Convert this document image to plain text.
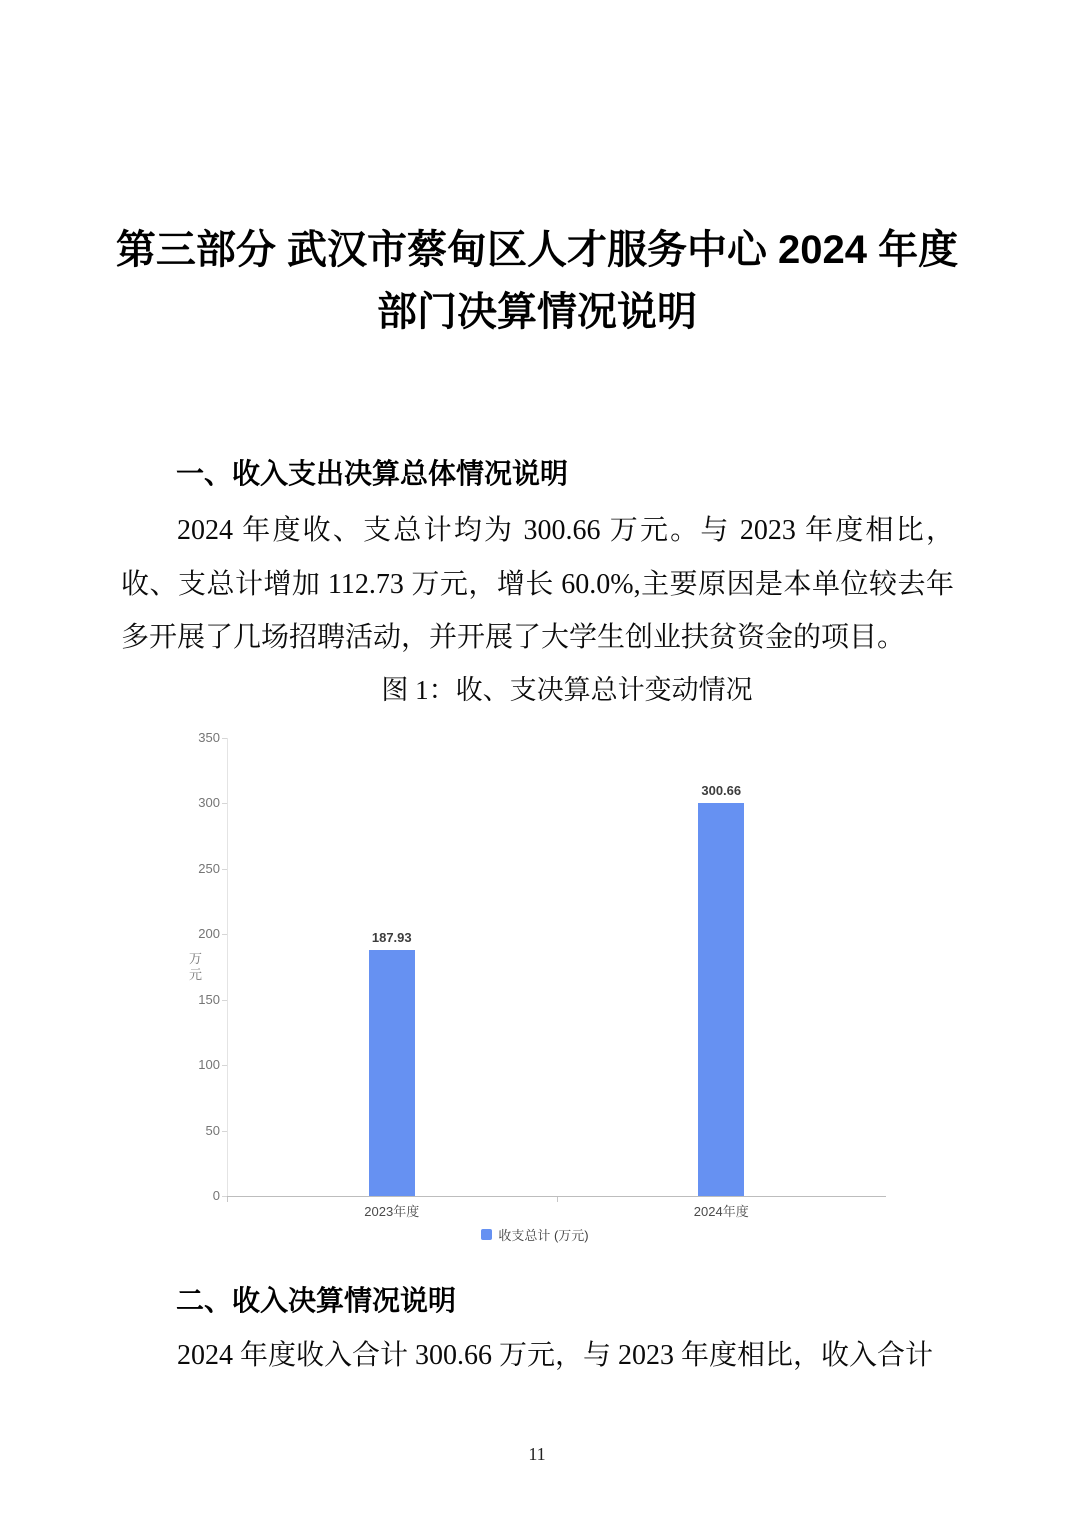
第三部分 武汉市蔡甸区人才服务中心 2024 年度
部门决算情况说明
一、收入支出决算总体情况说明
2024 年度收、支总计均为 300.66 万元。与 2023 年度相比，收、支总计增加 112.73 万元，增长 60.0%,主要原因是本单位较去年多开展了几场招聘活动，并开展了大学生创业扶贫资金的项目。
图 1：收、支决算总计变动情况
万元
收支总计 (万元)
0
50
100
150
200
250
300
350
187.93
2023年度
300.66
2024年度
二、收入决算情况说明
2024 年度收入合计 300.66 万元，与 2023 年度相比，收入合计
11
